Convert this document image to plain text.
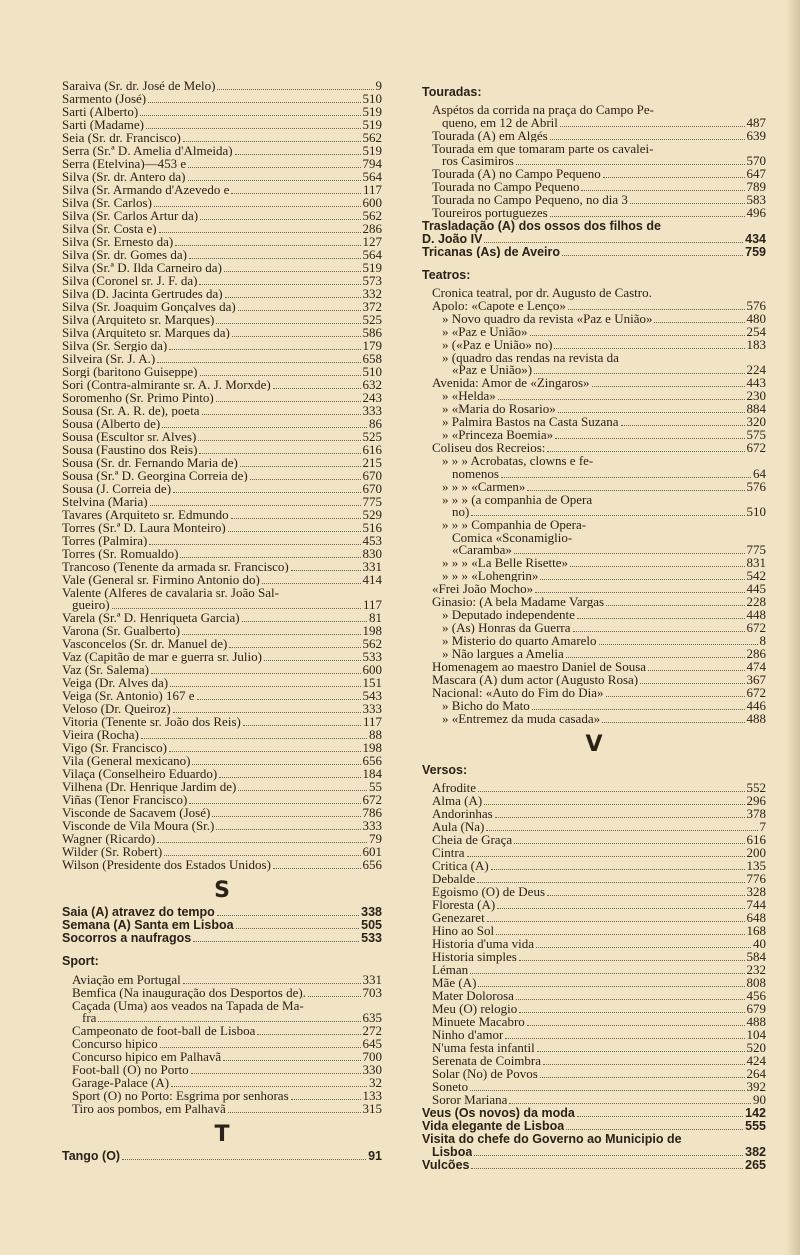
Saraiva (Sr. dr. José de Melo)	9
Sarmento (José)	510
Sarti (Alberto)	519
Sarti (Madame)	519
Seia (Sr. dr. Francisco)	562
Serra (Sr.ª D. Amelia d'Almeida)	519
Serra (Etelvina)—453 e	794
Silva (Sr. dr. Antero da)	564
Silva (Sr. Armando d'Azevedo e	117
Silva (Sr. Carlos)	600
Silva (Sr. Carlos Artur da)	562
Silva (Sr. Costa e)	286
Silva (Sr. Ernesto da)	127
Silva (Sr. dr. Gomes da)	564
Silva (Sr.ª D. Ilda Carneiro da)	519
Silva (Coronel sr. J. F. da)	573
Silva (D. Jacinta Gertrudes da)	332
Silva (Sr. Joaquim Gonçalves da)	372
Silva (Arquiteto sr. Marques)	525
Silva (Arquiteto sr. Marques da)	586
Silva (Sr. Sergio da)	179
Silveira (Sr. J. A.)	658
Sorgi (baritono Guiseppe)	510
Sori (Contra-almirante sr. A. J. Morxde)	632
Soromenho (Sr. Primo Pinto)	243
Sousa (Sr. A. R. de), poeta	333
Sousa (Alberto de)	86
Sousa (Escultor sr. Alves)	525
Sousa (Faustino dos Reis)	616
Sousa (Sr. dr. Fernando Maria de)	215
Sousa (Sr.ª D. Georgina Correia de)	670
Sousa (J. Correia de)	670
Stelvina (Maria)	775
Tavares (Arquiteto sr. Edmundo	529
Torres (Sr.ª D. Laura Monteiro)	516
Torres (Palmira)	453
Torres (Sr. Romualdo)	830
Trancoso (Tenente da armada sr. Francisco)	331
Vale (General sr. Firmino Antonio do)	414
Valente (Alferes de cavalaria sr. João Sal-
gueiro)	117
Varela (Sr.ª D. Henriqueta Garcia)	81
Varona (Sr. Gualberto)	198
Vasconcelos (Sr. dr. Manuel de)	562
Vaz (Capitão de mar e guerra sr. Julio)	533
Vaz (Sr. Salema)	600
Veiga (Dr. Alves da)	151
Veiga (Sr. Antonio) 167 e	543
Veloso (Dr. Queiroz)	333
Vitoria (Tenente sr. João dos Reis)	117
Vieira (Rocha)	88
Vigo (Sr. Francisco)	198
Vila (General mexicano)	656
Vilaça (Conselheiro Eduardo)	184
Vilhena (Dr. Henrique Jardim de)	55
Viñas (Tenor Francisco)	672
Visconde de Sacavem (José)	786
Visconde de Vila Moura (Sr.)	333
Wagner (Ricardo)	79
Wilder (Sr. Robert)	601
Wilson (Presidente dos Estados Unidos)	656
S
Saia (A) atravez do tempo	338
Semana (A) Santa em Lisboa	505
Socorros a naufragos	533
Sport:
Aviação em Portugal	331
Bemfica (Na inauguração dos Desportos de).	703
Caçada (Uma) aos veados na Tapada de Ma-
fra	635
Campeonato de foot-ball de Lisboa	272
Concurso hipico	645
Concurso hipico em Palhavã	700
Foot-ball (O) no Porto	330
Garage-Palace (A)	32
Sport (O) no Porto: Esgrima por senhoras	133
Tiro aos pombos, em Palhavã	315
T
Tango (O)	91
Touradas:
Aspétos da corrida na praça do Campo Pe-
queno, em 12 de Abril	487
Tourada (A) em Algés	639
Tourada em que tomaram parte os cavalei-
ros Casimiros	570
Tourada (A) no Campo Pequeno	647
Tourada no Campo Pequeno	789
Tourada no Campo Pequeno, no dia 3	583
Toureiros portuguezes	496
Trasladação (A) dos ossos dos filhos de
D. João IV	434
Tricanas (As) de Aveiro	759
Teatros:
Cronica teatral, por dr. Augusto de Castro.
Apolo: «Capote e Lenço»	576
» Novo quadro da revista «Paz e União»	480
» «Paz e União»	254
» («Paz e União» no)	183
» (quadro das rendas na revista da
«Paz e União»)	224
Avenida: Amor de «Zingaros»	443
» «Helda»	230
» «Maria do Rosario»	884
» Palmira Bastos na Casta Suzana	320
» «Princeza Boemia»	575
Coliseu dos Recreios:	672
» » » Acrobatas, clowns e fe-
nomenos	64
» » » «Carmen»	576
» » » (a companhia de Opera
no)	510
» » » Companhia de Opera-
Comica «Sconamiglio-
«Caramba»	775
» » » «La Belle Risette»	831
» » » «Lohengrin»	542
«Frei João Mocho»	445
Ginasio: (A bela Madame Vargas	228
» Deputado independente	448
» (As) Honras da Guerra	672
» Misterio do quarto Amarelo	8
» Não largues a Amelia	286
Homenagem ao maestro Daniel de Sousa	474
Mascara (A) dum actor (Augusto Rosa)	367
Nacional: «Auto do Fim do Dia»	672
» Bicho do Mato	446
» «Entremez da muda casada»	488
V
Versos:
Afrodite	552
Alma (A)	296
Andorinhas	378
Aula (Na)	7
Cheia de Graça	616
Cintra	200
Critica (A)	135
Debalde	776
Egoismo (O) de Deus	328
Floresta (A)	744
Genezaret	648
Hino ao Sol	168
Historia d'uma vida	40
Historia simples	584
Léman	232
Mãe (A)	808
Mater Dolorosa	456
Meu (O) relogio	679
Minuete Macabro	488
Ninho d'amor	104
N'uma festa infantil	520
Serenata de Coimbra	424
Solar (No) de Povos	264
Soneto	392
Soror Mariana	90
Veus (Os novos) da moda	142
Vida elegante de Lisboa	555
Visita do chefe do Governo ao Municipio de
Lisboa	382
Vulcões	265
